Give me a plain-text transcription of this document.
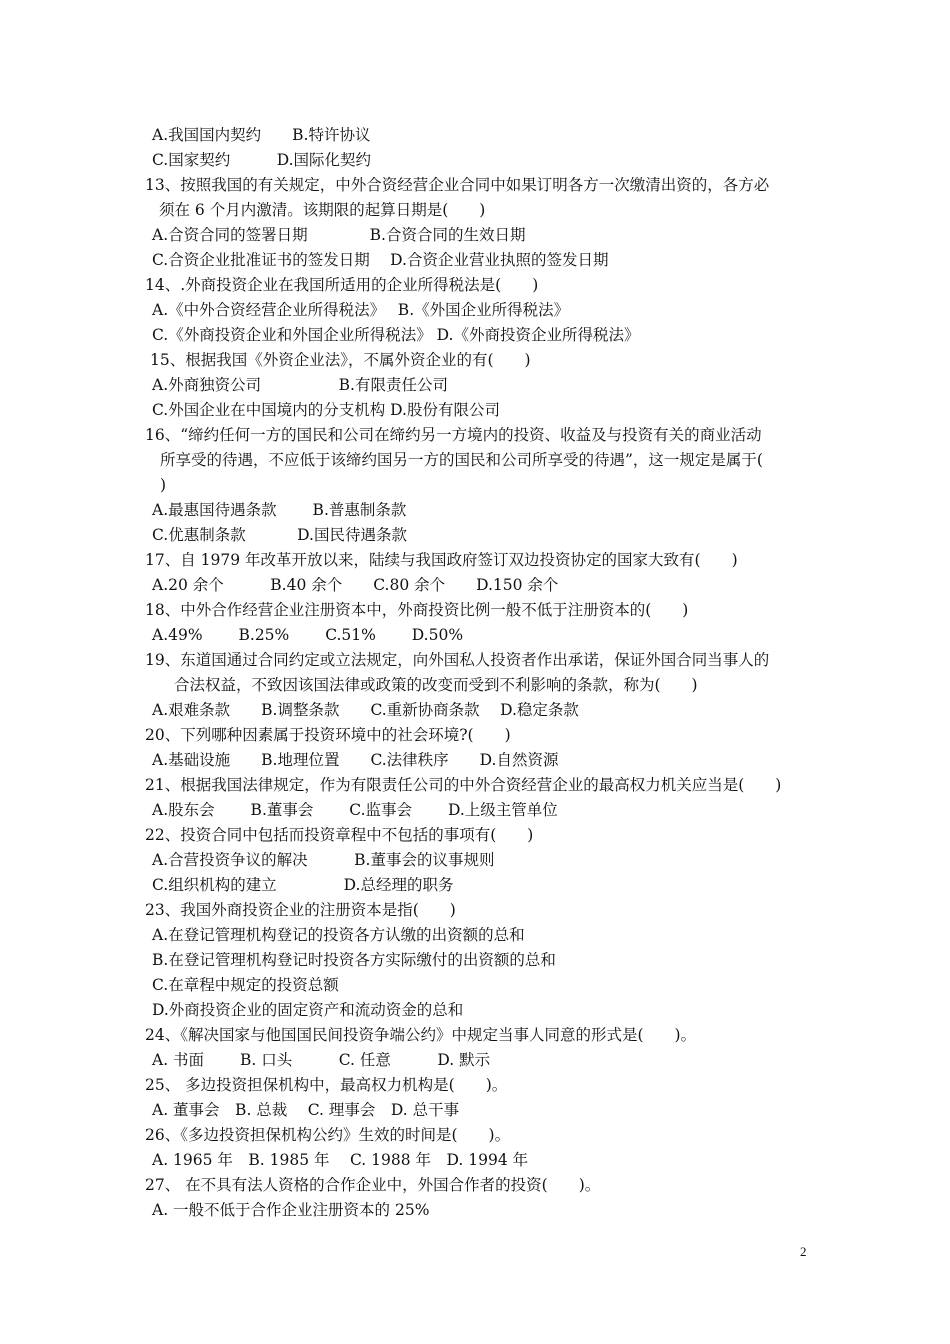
A.我国国内契约　　B.特许协议
C.国家契约　　　D.国际化契约
13、按照我国的有关规定，中外合资经营企业合同中如果订明各方一次缴清出资的，各方必
须在 6 个月内激清。该期限的起算日期是(　　)
A.合资合同的签署日期　　　　B.合资合同的生效日期
C.合资企业批准证书的签发日期　 D.合资企业营业执照的签发日期
14、.外商投资企业在我国所适用的企业所得税法是(　　)
A.《中外合资经营企业所得税法》　 B.《外国企业所得税法》
C.《外商投资企业和外国企业所得税法》 D.《外商投资企业所得税法》
15、根据我国《外资企业法》，不属外资企业的有(　　)
A.外商独资公司　　　　　B.有限责任公司
C.外国企业在中国境内的分支机构 D.股份有限公司
16、“缔约任何一方的国民和公司在缔约另一方境内的投资、收益及与投资有关的商业活动
所享受的待遇，不应低于该缔约国另一方的国民和公司所享受的待遇”，这一规定是属于(
)
A.最惠国待遇条款　　 B.普惠制条款
C.优惠制条款　　　 D.国民待遇条款
17、自 1979 年改革开放以来，陆续与我国政府签订双边投资协定的国家大致有(　　)
A.20 余个　　　B.40 余个　　C.80 余个　　D.150 余个
18、中外合作经营企业注册资本中，外商投资比例一般不低于注册资本的(　　)
A.49%　　 B.25%　　 C.51%　　 D.50%
19、东道国通过合同约定或立法规定，向外国私人投资者作出承诺，保证外国合同当事人的
合法权益，不致因该国法律或政策的改变而受到不利影响的条款，称为(　　)
A.艰难条款　　B.调整条款　　C.重新协商条款　 D.稳定条款
20、下列哪种因素属于投资环境中的社会环境?(　　)
A.基础设施　　B.地理位置　　C.法律秩序　　D.自然资源
21、根据我国法律规定，作为有限责任公司的中外合资经营企业的最高权力机关应当是(　　)
A.股东会　　 B.董事会　　 C.监事会　　 D.上级主管单位
22、投资合同中包括而投资章程中不包括的事项有(　　)
A.合营投资争议的解决　　　B.董事会的议事规则
C.组织机构的建立　　　　 D.总经理的职务
23、我国外商投资企业的注册资本是指(　　)
A.在登记管理机构登记的投资各方认缴的出资额的总和
B.在登记管理机构登记时投资各方实际缴付的出资额的总和
C.在章程中规定的投资总额
D.外商投资企业的固定资产和流动资金的总和
24、《解决国家与他国国民间投资争端公约》中规定当事人同意的形式是(　　)。
A. 书面　　 B. 口头　　　C. 任意　　　D. 默示
25、 多边投资担保机构中，最高权力机构是(　　)。
A. 董事会　B. 总裁　 C. 理事会　D. 总干事
26、《多边投资担保机构公约》生效的时间是(　　)。
A. 1965 年　B. 1985 年　 C. 1988 年　D. 1994 年
27、 在不具有法人资格的合作企业中，外国合作者的投资(　　)。
A. 一般不低于合作企业注册资本的 25%
2
